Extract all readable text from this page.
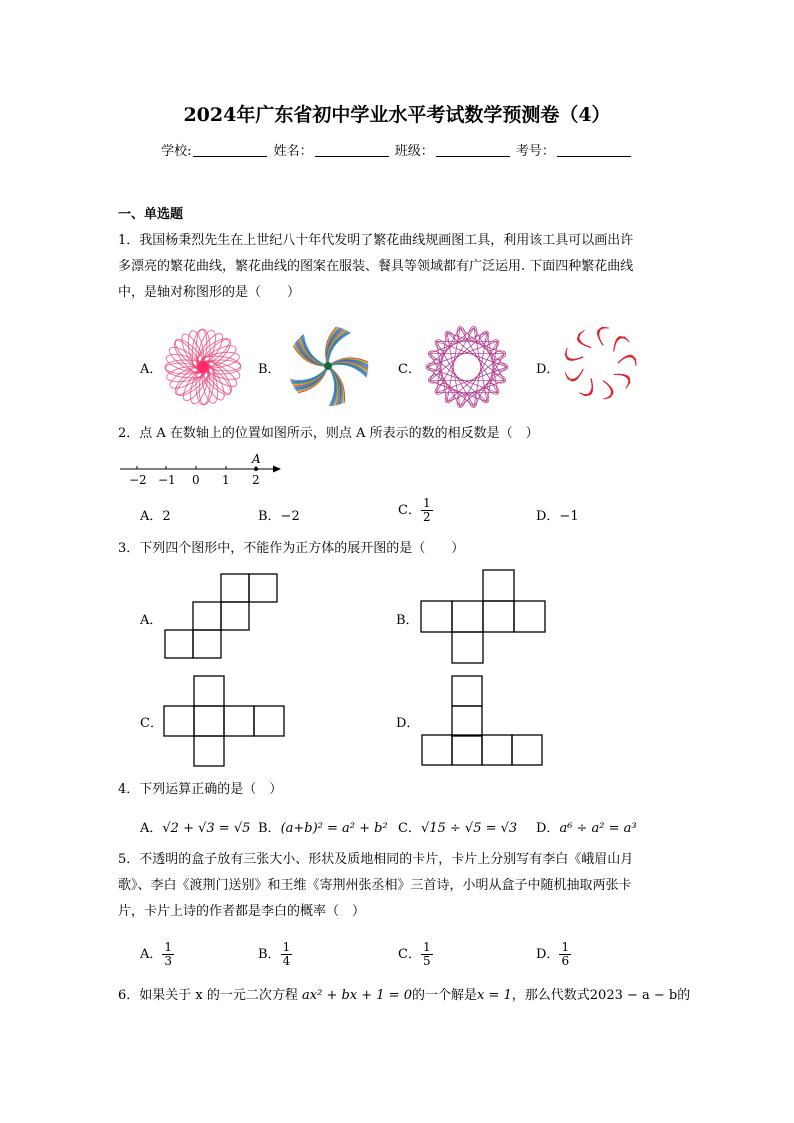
2024年广东省初中学业水平考试数学预测卷（4）
学校:	姓名：	班级：	考号：
一、单选题
1．我国杨秉烈先生在上世纪八十年代发明了繁花曲线规画图工具，利用该工具可以画出许
多漂亮的繁花曲线，繁花曲线的图案在服装、餐具等领域都有广泛运用. 下面四种繁花曲线
中，是轴对称图形的是（　　）
A．	B．	C．	D．
2．点 A 在数轴上的位置如图所示，则点 A 所表示的数的相反数是（　）
A
−2 −1 0 1 2
A．2	B．−2	C． $\frac{1}{2}$	D．−1
3．下列四个图形中，不能作为正方体的展开图的是（　　）
A．	B．
C．	D．
4．下列运算正确的是（　）
A．√2 + √3 = √5 B．(a+b)² = a² + b² C．√15 ÷ √5 = √3 D．a⁶ ÷ a² = a³
5．不透明的盒子放有三张大小、形状及质地相同的卡片，卡片上分别写有李白《峨眉山月
歌》、李白《渡荆门送别》和王维《寄荆州张丞相》三首诗，小明从盒子中随机抽取两张卡
片，卡片上诗的作者都是李白的概率（　）
A． $\frac{1}{3}$	B． $\frac{1}{4}$	C． $\frac{1}{5}$	D． $\frac{1}{6}$
6．如果关于 x 的一元二次方程 ax² + bx + 1 = 0的一个解是x = 1，那么代数式2023 − a − b的
